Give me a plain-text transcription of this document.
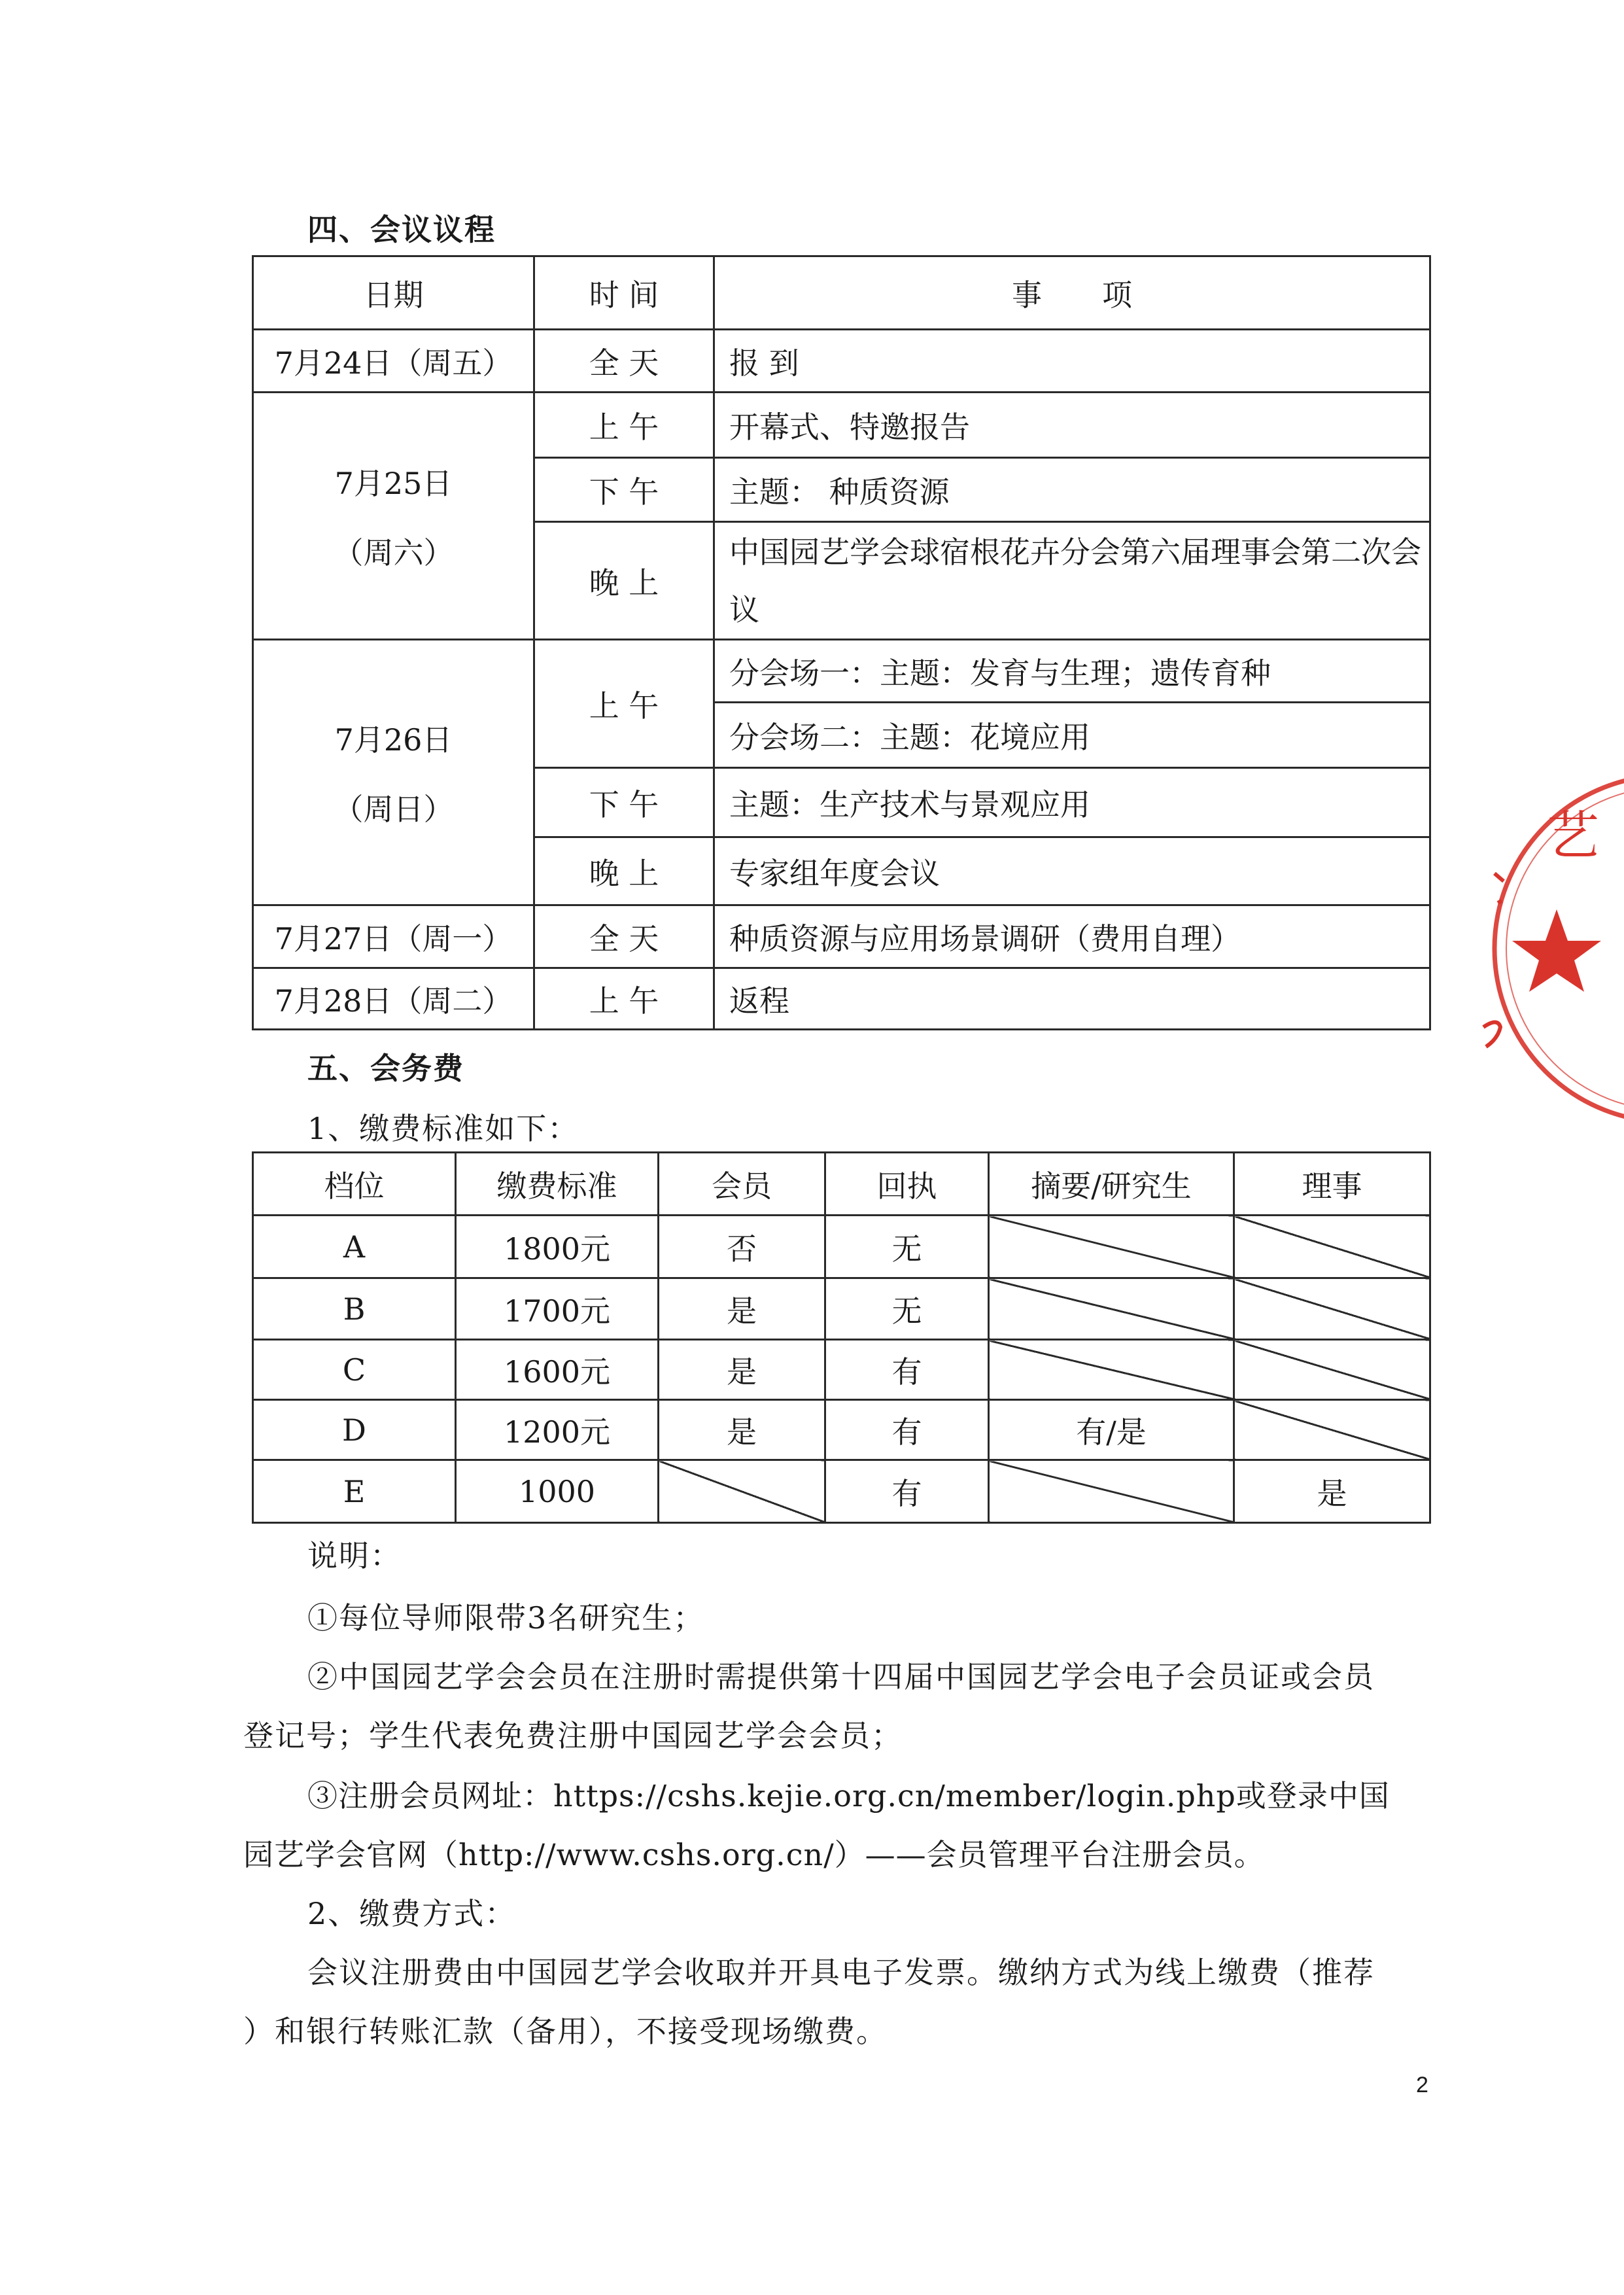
四、会议议程
日期	时 间	事　　项
7月24日（周五）	全 天	报 到

7月25日
（周六）	上 午	开幕式、特邀报告
	下 午	主题： 种质资源
	晚 上	中国园艺学会球宿根花卉分会第六届理事会第二次会议

7月26日
（周日）	上 午	分会场一：主题：发育与生理；遗传育种
		分会场二：主题：花境应用
	下 午	主题：生产技术与景观应用
	晚 上	专家组年度会议
7月27日（周一）	全 天	种质资源与应用场景调研（费用自理）
7月28日（周二）	上 午	返程
五、会务费
1、缴费标准如下：
档位	缴费标准	会员	回执	摘要/研究生	理事
A	1800元	否	无		
B	1700元	是	无		
C	1600元	是	有		
D	1200元	是	有	有/是	
E	1000		有		是
说明：
①每位导师限带3名研究生；
②中国园艺学会会员在注册时需提供第十四届中国园艺学会电子会员证或会员
登记号；学生代表免费注册中国园艺学会会员；
③注册会员网址：https://cshs.kejie.org.cn/member/login.php或登录中国
园艺学会官网（http://www.cshs.org.cn/）——会员管理平台注册会员。
2、缴费方式：
会议注册费由中国园艺学会收取并开具电子发票。缴纳方式为线上缴费（推荐
）和银行转账汇款（备用），不接受现场缴费。
艺
2
